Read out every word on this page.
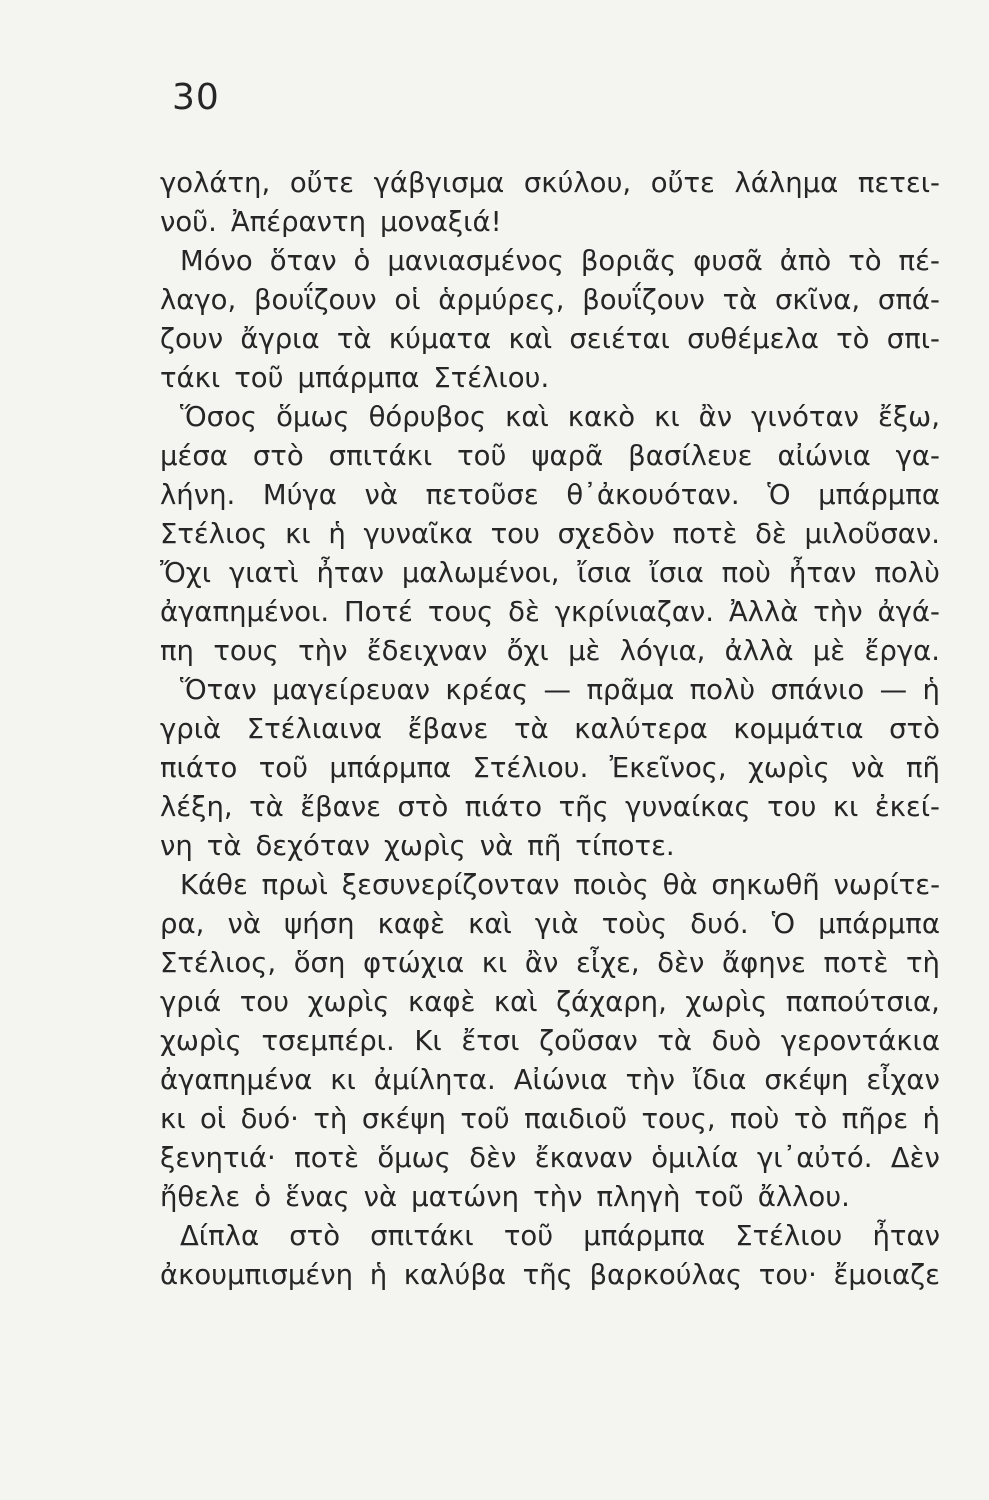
30
γολάτη, οὔτε γάβγισμα σκύλου, οὔτε λάλημα πετει-
νοῦ. Ἀπέραντη μοναξιά!
Μόνο ὅταν ὁ μανιασμένος βοριᾶς φυσᾶ ἀπὸ τὸ πέ-
λαγο, βουΐζουν οἱ ἁρμύρες, βουΐζουν τὰ σκῖνα, σπά-
ζουν ἄγρια τὰ κύματα καὶ σειέται συθέμελα τὸ σπι-
τάκι τοῦ μπάρμπα Στέλιου.
Ὅσος ὅμως θόρυβος καὶ κακὸ κι ἂν γινόταν ἔξω,
μέσα στὸ σπιτάκι τοῦ ψαρᾶ βασίλευε αἰώνια γα-
λήνη. Μύγα νὰ πετοῦσε θ᾿ἀκουόταν. Ὁ μπάρμπα
Στέλιος κι ἡ γυναῖκα του σχεδὸν ποτὲ δὲ μιλοῦσαν.
Ὄχι γιατὶ ἦταν μαλωμένοι, ἴσια ἴσια ποὺ ἦταν πολὺ
ἀγαπημένοι. Ποτέ τους δὲ γκρίνιαζαν. Ἀλλὰ τὴν ἀγά-
πη τους τὴν ἔδειχναν ὄχι μὲ λόγια, ἀλλὰ μὲ ἔργα.
Ὅταν μαγείρευαν κρέας — πρᾶμα πολὺ σπάνιο — ἡ
γριὰ Στέλιαινα ἔβανε τὰ καλύτερα κομμάτια στὸ
πιάτο τοῦ μπάρμπα Στέλιου. Ἐκεῖνος, χωρὶς νὰ πῆ
λέξη, τὰ ἔβανε στὸ πιάτο τῆς γυναίκας του κι ἐκεί-
νη τὰ δεχόταν χωρὶς νὰ πῆ τίποτε.
Κάθε πρωὶ ξεσυνερίζονταν ποιὸς θὰ σηκωθῆ νωρίτε-
ρα, νὰ ψήση καφὲ καὶ γιὰ τοὺς δυό. Ὁ μπάρμπα
Στέλιος, ὅση φτώχια κι ἂν εἶχε, δὲν ἄφηνε ποτὲ τὴ
γριά του χωρὶς καφὲ καὶ ζάχαρη, χωρὶς παπούτσια,
χωρὶς τσεμπέρι. Κι ἔτσι ζοῦσαν τὰ δυὸ γεροντάκια
ἀγαπημένα κι ἀμίλητα. Αἰώνια τὴν ἴδια σκέψη εἶχαν
κι οἱ δυό· τὴ σκέψη τοῦ παιδιοῦ τους, ποὺ τὸ πῆρε ἡ
ξενητιά· ποτὲ ὅμως δὲν ἔκαναν ὁμιλία γι᾿αὐτό. Δὲν
ἤθελε ὁ ἕνας νὰ ματώνη τὴν πληγὴ τοῦ ἄλλου.
Δίπλα στὸ σπιτάκι τοῦ μπάρμπα Στέλιου ἦταν
ἀκουμπισμένη ἡ καλύβα τῆς βαρκούλας του· ἔμοιαζε
